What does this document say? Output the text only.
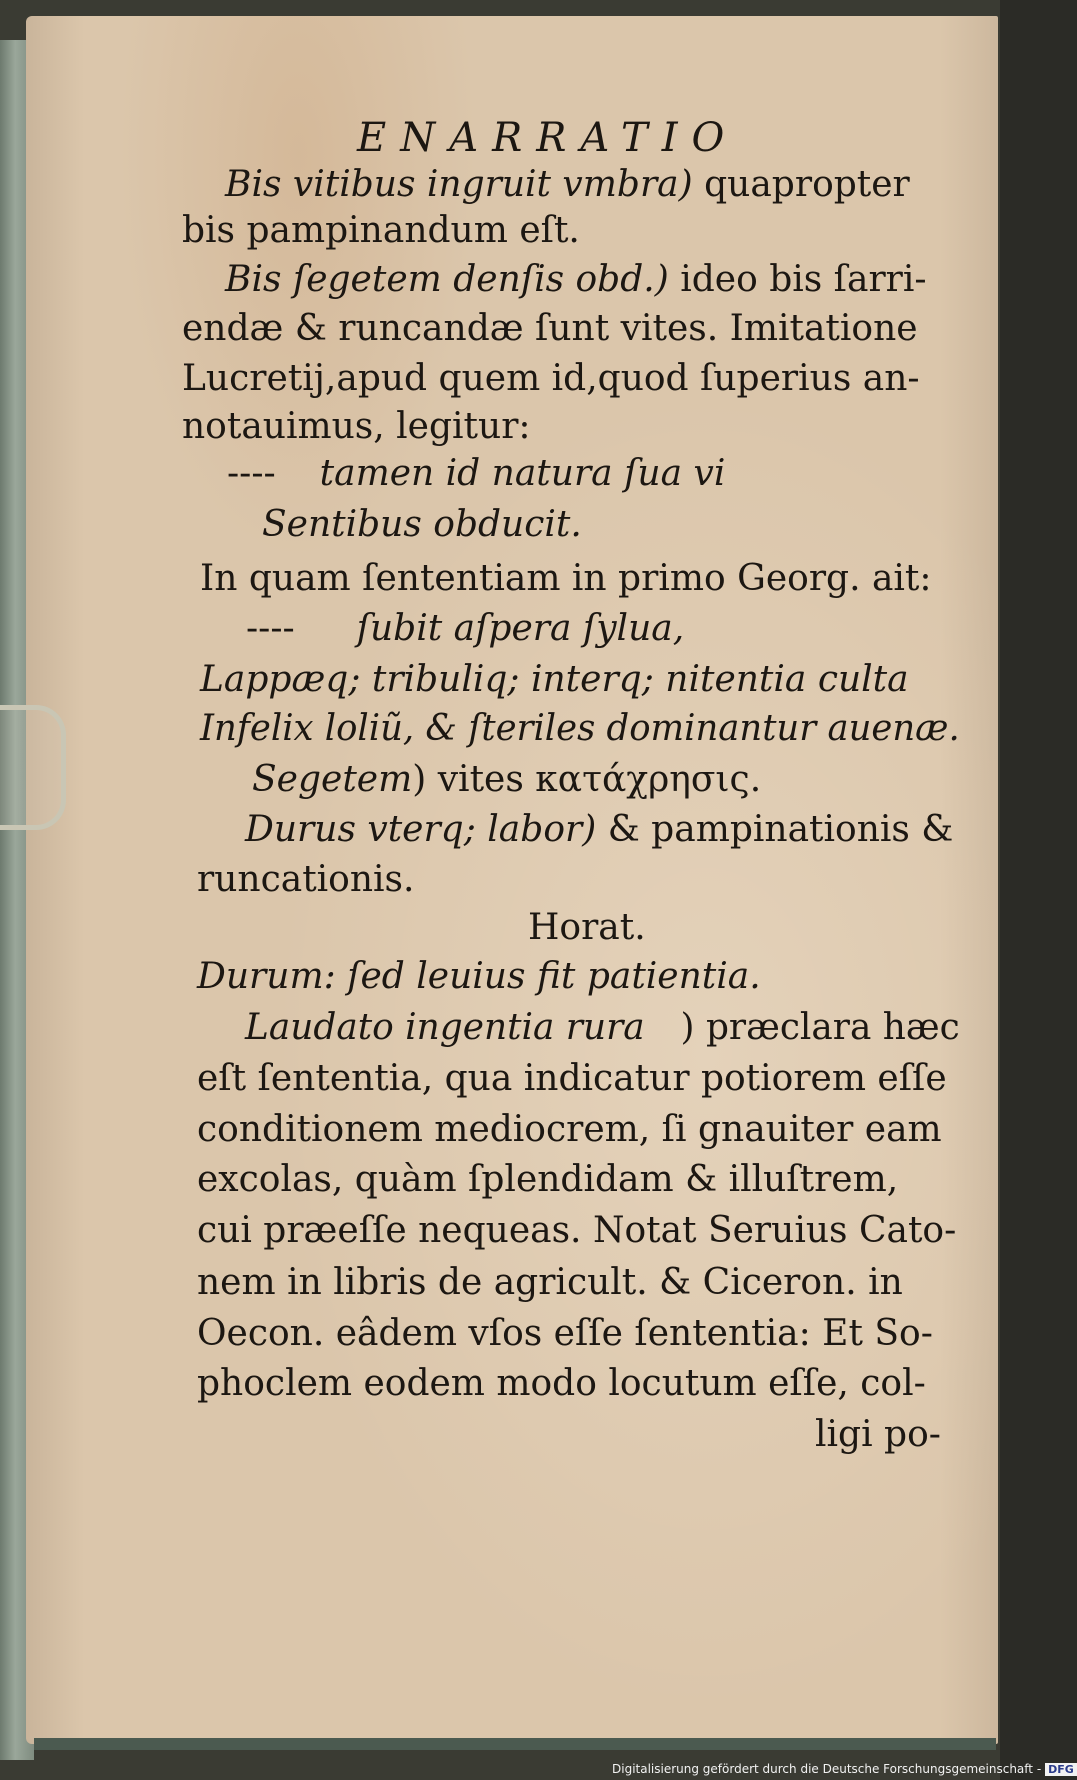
ENARRATIO
Bis vitibus ingruit vmbra) quapropter
bis pampinandum eſt.
Bis ſegetem denſis obd.) ideo bis ſarri-
endæ & runcandæ ſunt vites. Imitatione
Lucretij,apud quem id,quod ſuperius an-
notauimus, legitur:
---- tamen id natura ſua vi
Sentibus obducit.
In quam ſententiam in primo Georg. ait:
---- ſubit aſpera ſylua,
Lappæq; tribuliq; interq; nitentia culta
Infelix loliũ, & ſteriles dominantur auenæ.
Segetem) vites κατάχρησις.
Durus vterq; labor) & pampinationis &
runcationis.
Horat.
Durum: ſed leuius fit patientia.
Laudato ingentia rura ) præclara hæc
eſt ſententia, qua indicatur potiorem eſſe
conditionem mediocrem, ſi gnauiter eam
excolas, quàm ſplendidam & illuſtrem,
cui præeſſe nequeas. Notat Seruius Cato-
nem in libris de agricult. & Ciceron. in
Oecon. eâdem vſos eſſe ſententia: Et So-
phoclem eodem modo locutum eſſe, col-
ligi po-
Digitalisierung gefördert durch die Deutsche Forschungsgemeinschaft - DFG
